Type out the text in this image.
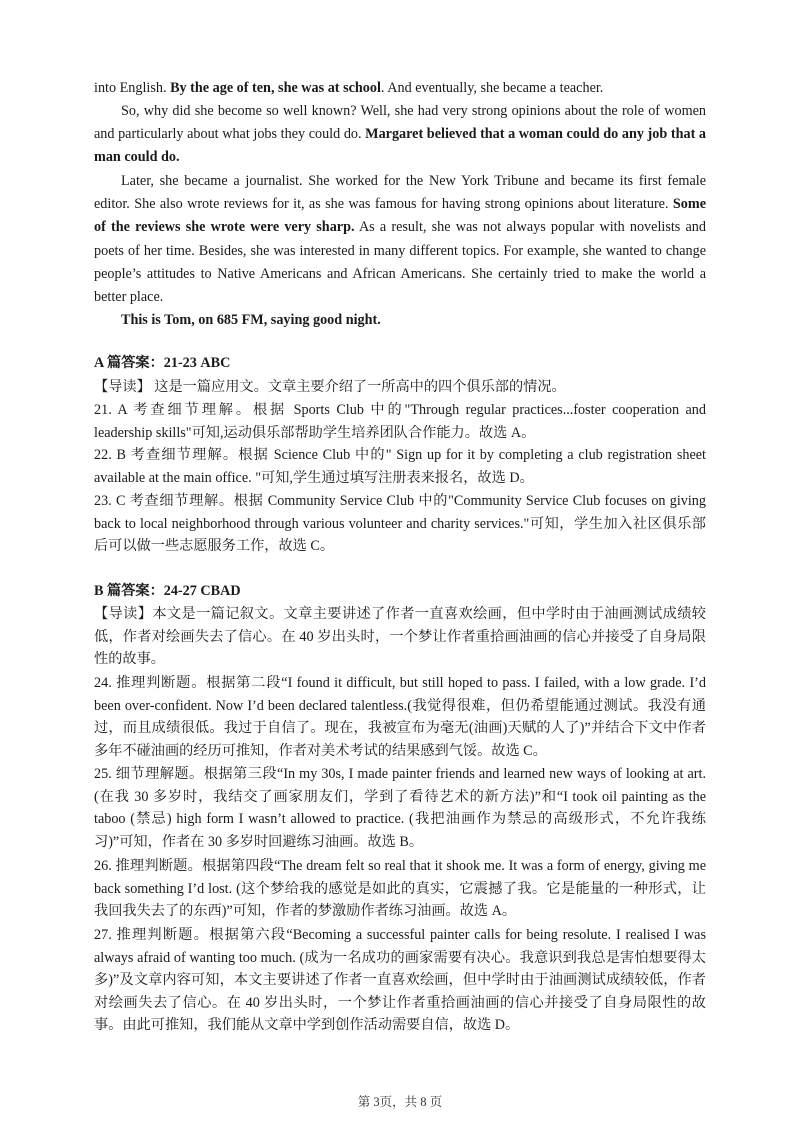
into English. By the age of ten, she was at school. And eventually, she became a teacher.
So, why did she become so well known? Well, she had very strong opinions about the role of women and particularly about what jobs they could do. Margaret believed that a woman could do any job that a man could do.
Later, she became a journalist. She worked for the New York Tribune and became its first female editor. She also wrote reviews for it, as she was famous for having strong opinions about literature. Some of the reviews she wrote were very sharp. As a result, she was not always popular with novelists and poets of her time. Besides, she was interested in many different topics. For example, she wanted to change people’s attitudes to Native Americans and African Americans. She certainly tried to make the world a better place.
This is Tom, on 685 FM, saying good night.
A 篇答案：21-23 ABC
【导读】 这是一篇应用文。文章主要介绍了一所高中的四个俱乐部的情况。
21. A 考查细节理解。根据 Sports Club 中的"Through regular practices...foster cooperation and leadership skills"可知,运动俱乐部帮助学生培养团队合作能力。故选 A。
22. B 考查细节理解。根据 Science Club 中的" Sign up for it by completing a club registration sheet available at the main office. "可知,学生通过填写注册表来报名，故选 D。
23. C 考查细节理解。根据 Community Service Club 中的"Community Service Club focuses on giving back to local neighborhood through various volunteer and charity services."可知，学生加入社区俱乐部后可以做一些志愿服务工作，故选 C。
B 篇答案：24-27 CBAD
【导读】本文是一篇记叙文。文章主要讲述了作者一直喜欢绘画，但中学时由于油画测试成绩较低，作者对绘画失去了信心。在 40 岁出头时，一个梦让作者重拾画油画的信心并接受了自身局限性的故事。
24. 推理判断题。根据第二段“I found it difficult, but still hoped to pass. I failed, with a low grade. I’d been over-confident. Now I’d been declared talentless.(我觉得很难，但仍希望能通过测试。我没有通过，而且成绩很低。我过于自信了。现在，我被宣布为毫无(油画)天赋的人了)”并结合下文中作者多年不碰油画的经历可推知，作者对美术考试的结果感到气馁。故选 C。
25. 细节理解题。根据第三段“In my 30s, I made painter friends and learned new ways of looking at art.(在我 30 多岁时，我结交了画家朋友们，学到了看待艺术的新方法)”和“I took oil painting as the taboo (禁忌) high form I wasn’t allowed to practice. (我把油画作为禁忌的高级形式，不允许我练习)”可知，作者在 30 多岁时回避练习油画。故选 B。
26. 推理判断题。根据第四段“The dream felt so real that it shook me. It was a form of energy, giving me back something I’d lost. (这个梦给我的感觉是如此的真实，它震撼了我。它是能量的一种形式，让我回我失去了的东西)”可知，作者的梦激励作者练习油画。故选 A。
27. 推理判断题。根据第六段“Becoming a successful painter calls for being resolute. I realised I was always afraid of wanting too much. (成为一名成功的画家需要有决心。我意识到我总是害怕想要得太多)”及文章内容可知，本文主要讲述了作者一直喜欢绘画，但中学时由于油画测试成绩较低，作者对绘画失去了信心。在 40 岁出头时，一个梦让作者重拾画油画的信心并接受了自身局限性的故事。由此可推知，我们能从文章中学到创作活动需要自信，故选 D。
第 3页，共 8 页
